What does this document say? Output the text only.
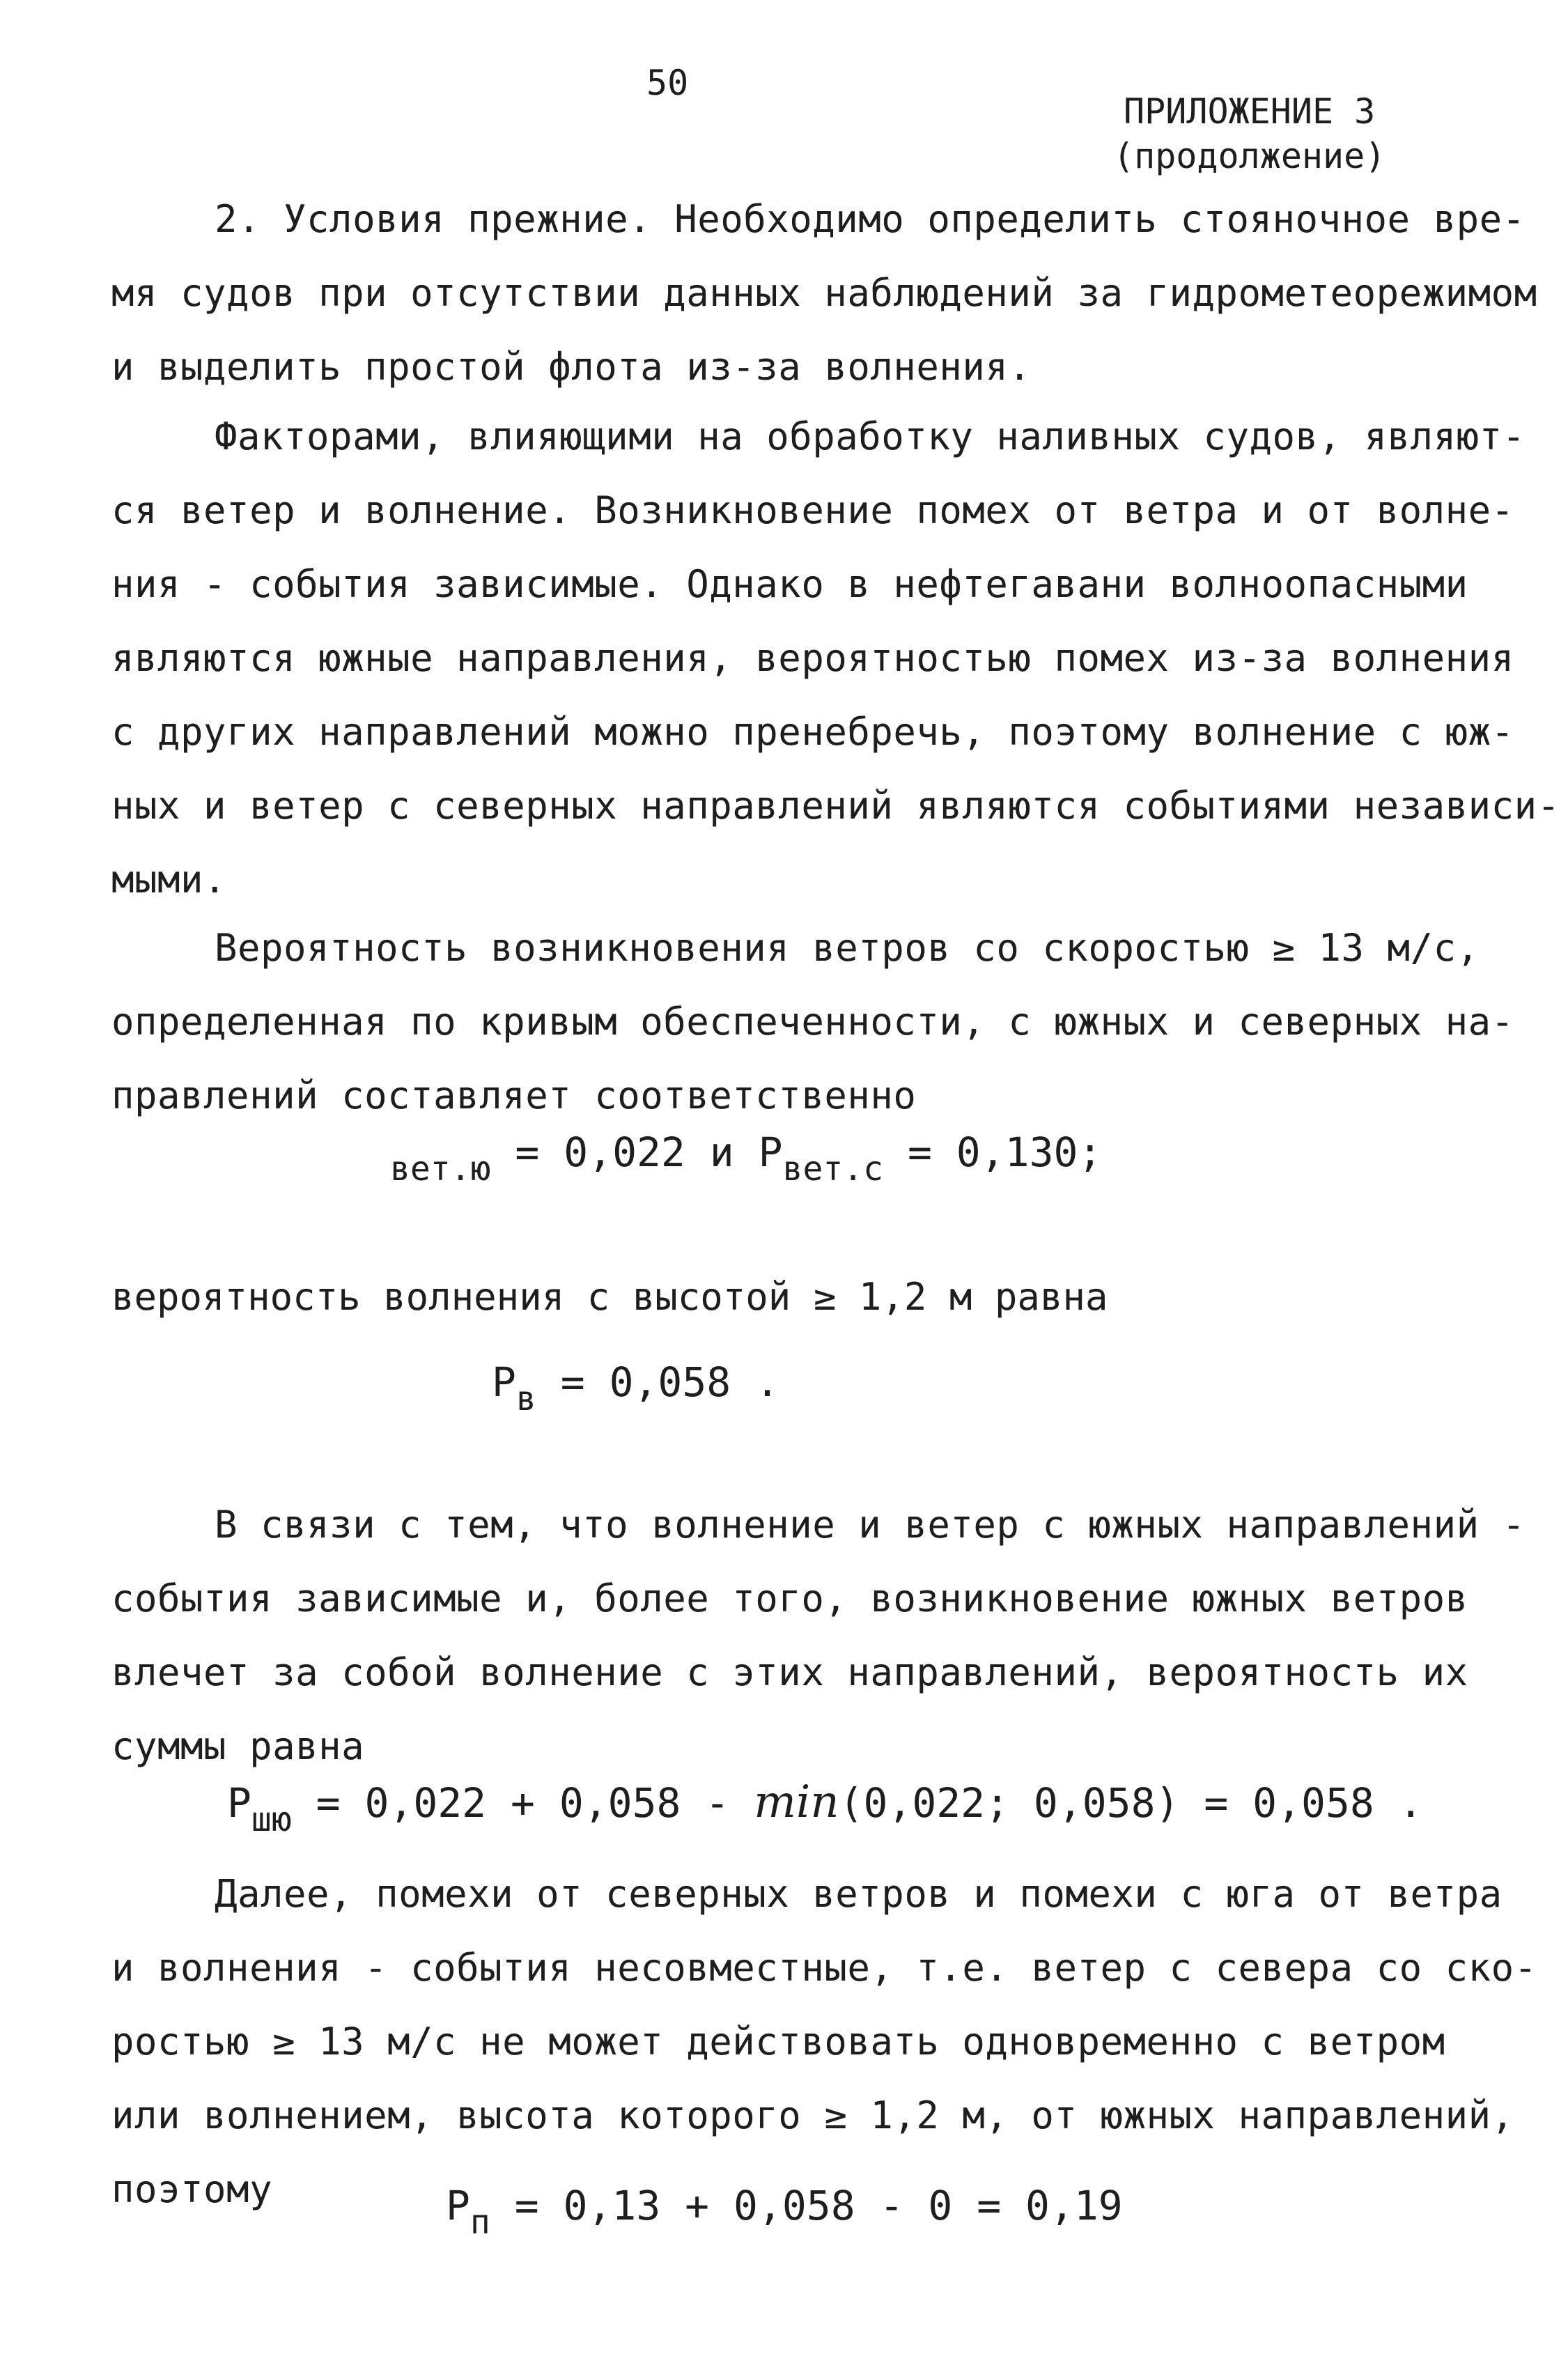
50
ПРИЛОЖЕНИЕ 3
(продолжение)
2. Условия прежние. Необходимо определить стояночное вре-
мя судов при отсутствии данных наблюдений за гидрометеорежимом
и выделить простой флота из-за волнения.
Факторами, влияющими на обработку наливных судов, являют-
ся ветер и волнение. Возникновение помех от ветра и от волне-
ния - события зависимые. Однако в нефтегавани волноопасными
являются южные направления, вероятностью помех из-за волнения
с других направлений можно пренебречь, поэтому волнение с юж-
ных и ветер с северных направлений являются событиями независи-
мыми.
Вероятность возникновения ветров со скоростью ≥ 13 м/с,
определенная по кривым обеспеченности, с южных и северных на-
правлений составляет соответственно
$_{вет.ю}$ = 0,022 и $P_{вет.с} = 0,130$;
вероятность волнения с высотой ≥ 1,2 м равна
$P_в = 0,058$ .
В связи с тем, что волнение и ветер с южных направлений -
события зависимые и, более того, возникновение южных ветров
влечет за собой волнение с этих направлений, вероятность их
суммы равна
$P_{шю} = 0,022 + 0,058 - \min(0,022$; 0,058) = 0,058 .
Далее, помехи от северных ветров и помехи с юга от ветра
и волнения - события несовместные, т.е. ветер с севера со ско-
ростью ≥ 13 м/с не может действовать одновременно с ветром
или волнением, высота которого ≥ 1,2 м, от южных направлений,
поэтому	$P_п = 0,13 + 0,058 - 0 = 0,19$
